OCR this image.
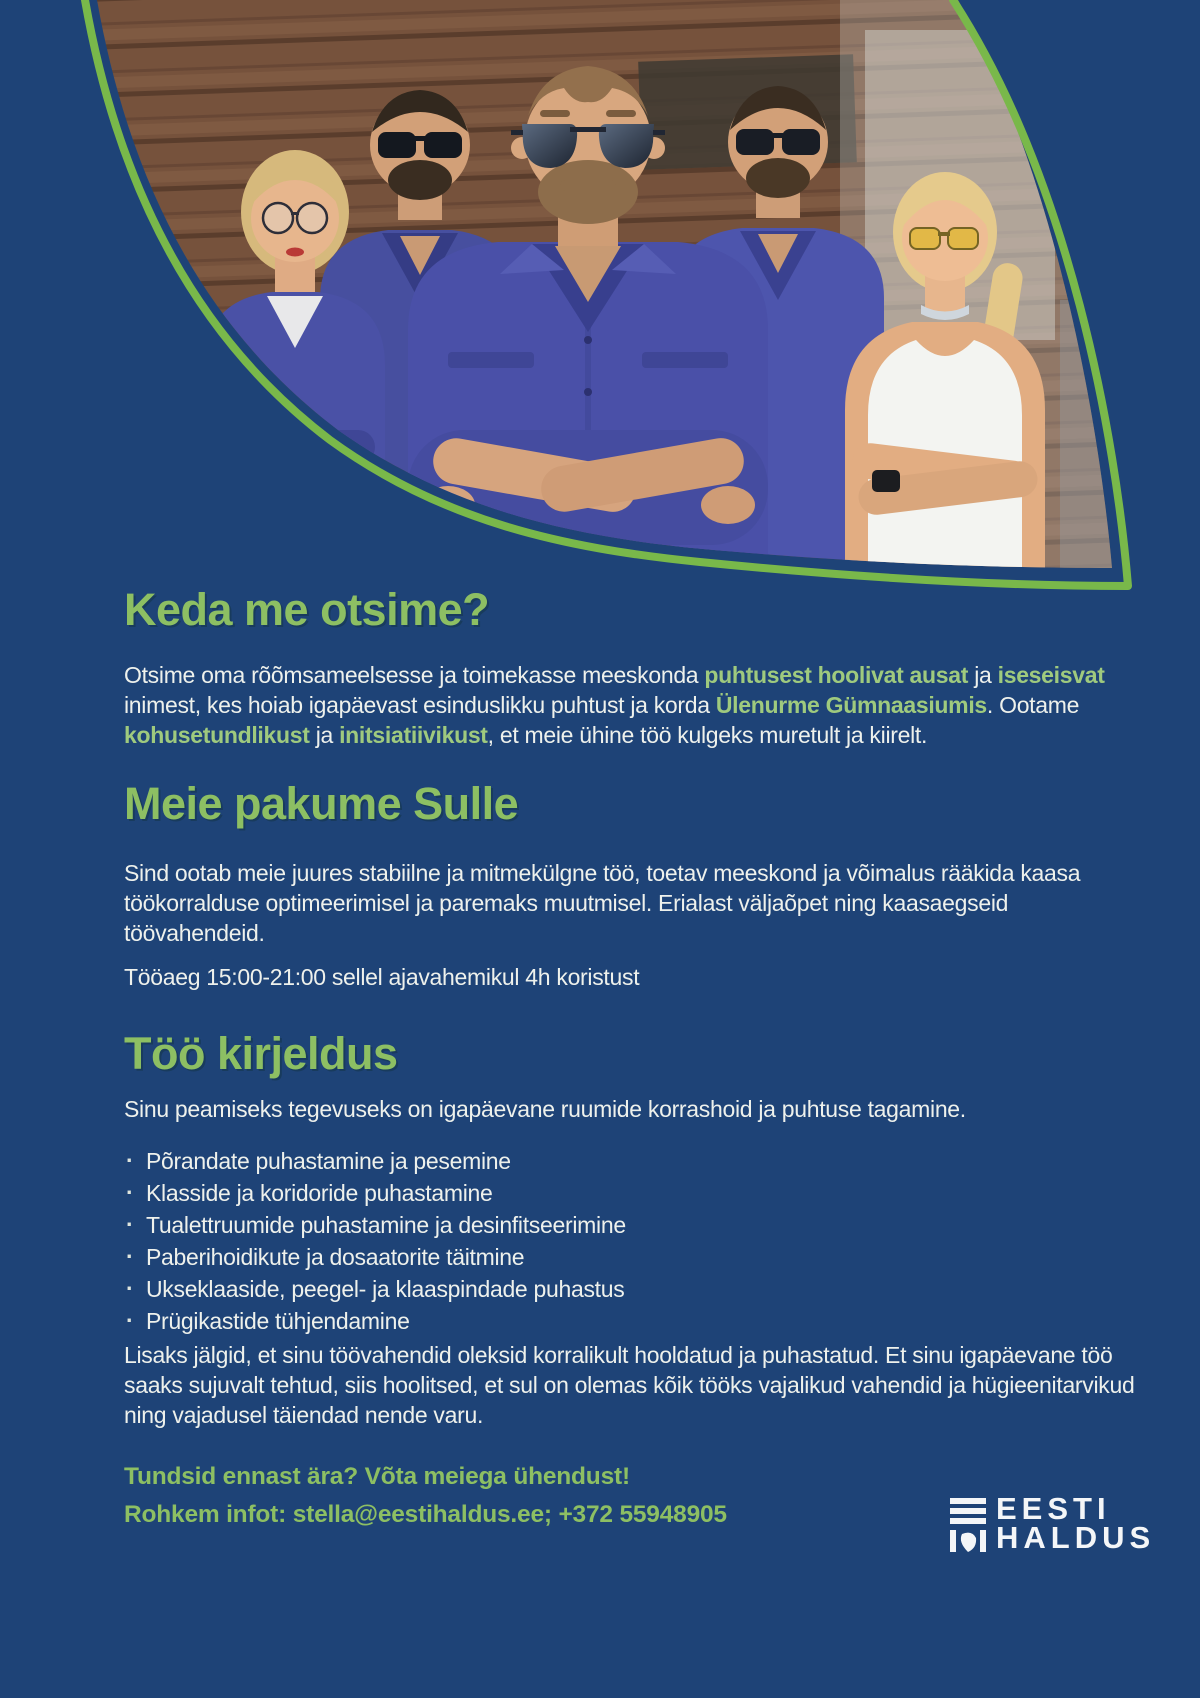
Keda me otsime?

Otsime oma rõõmsameelsesse ja toimekasse meeskonda puhtusest hoolivat ausat ja iseseisvat inimest, kes hoiab igapäevast esinduslikku puhtust ja korda Ülenurme Gümnaasiumis. Ootame kohusetundlikust ja initsiatiivikust, et meie ühine töö kulgeks muretult ja kiirelt.

Meie pakume Sulle

Sind ootab meie juures stabiilne ja mitmekülgne töö, toetav meeskond ja võimalus rääkida kaasa töökorralduse optimeerimisel ja paremaks muutmisel. Erialast väljaõpet ning kaasaegseid töövahendeid.

Tööaeg 15:00-21:00 sellel ajavahemikul 4h koristust

Töö kirjeldus

Sinu peamiseks tegevuseks on igapäevane ruumide korrashoid ja puhtuse tagamine.

· Põrandate puhastamine ja pesemine
· Klasside ja koridoride puhastamine
· Tualettruumide puhastamine ja desinfitseerimine
· Paberihoidikute ja dosaatorite täitmine
· Ukseklaaside, peegel- ja klaaspindade puhastus
· Prügikastide tühjendamine

Lisaks jälgid, et sinu töövahendid oleksid korralikult hooldatud ja puhastatud. Et sinu igapäevane töö saaks sujuvalt tehtud, siis hoolitsed, et sul on olemas kõik tööks vajalikud vahendid ja hügieenitarvikud ning vajadusel täiendad nende varu.

Tundsid ennast ära? Võta meiega ühendust!

Rohkem infot: stella@eestihaldus.ee; +372 55948905	EESTI
HALDUS
